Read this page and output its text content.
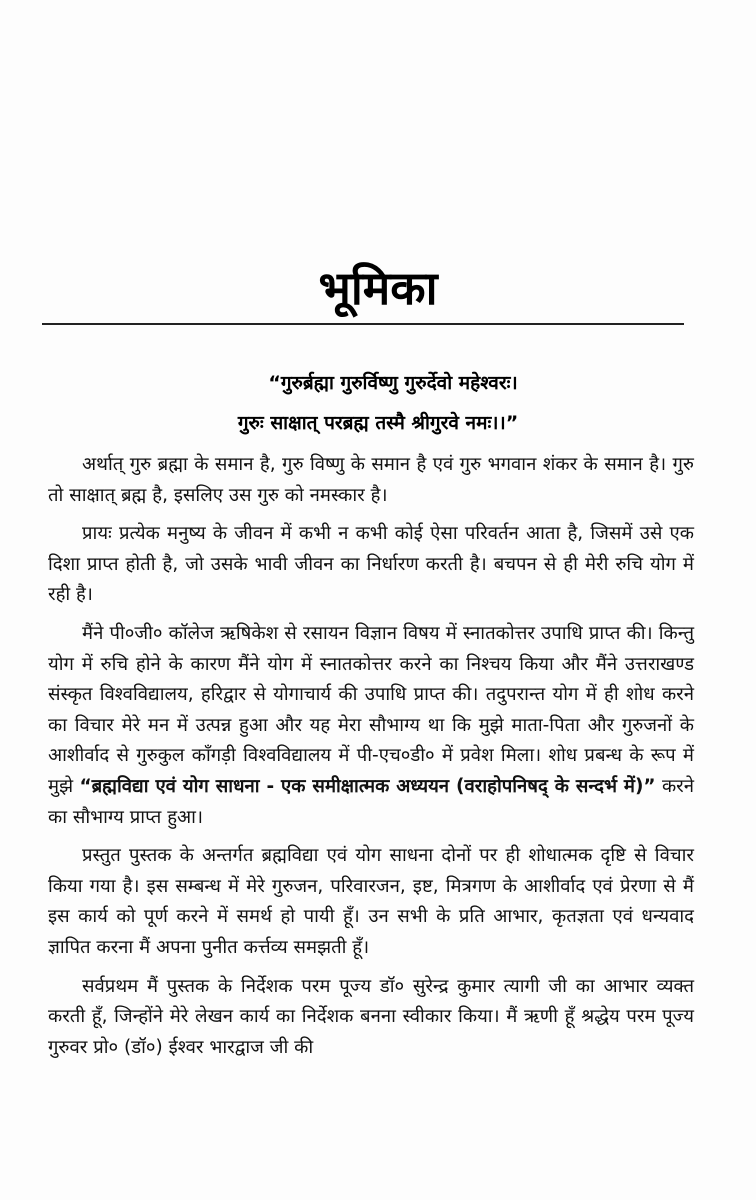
भूमिका
“गुरुर्ब्रह्मा गुरुर्विष्णु गुरुर्देवो महेश्वरः।
गुरुः साक्षात् परब्रह्म तस्मै श्रीगुरवे नमः।।”

अर्थात् गुरु ब्रह्मा के समान है, गुरु विष्णु के समान है एवं गुरु भगवान शंकर के समान है। गुरु तो साक्षात् ब्रह्म है, इसलिए उस गुरु को नमस्कार है।

प्रायः प्रत्येक मनुष्य के जीवन में कभी न कभी कोई ऐसा परिवर्तन आता है, जिसमें उसे एक दिशा प्राप्त होती है, जो उसके भावी जीवन का निर्धारण करती है। बचपन से ही मेरी रुचि योग में रही है।

मैंने पी०जी० कॉलेज ऋषिकेश से रसायन विज्ञान विषय में स्नातकोत्तर उपाधि प्राप्त की। किन्तु योग में रुचि होने के कारण मैंने योग में स्नातकोत्तर करने का निश्चय किया और मैंने उत्तराखण्ड संस्कृत विश्वविद्यालय, हरिद्वार से योगाचार्य की उपाधि प्राप्त की। तदुपरान्त योग में ही शोध करने का विचार मेरे मन में उत्पन्न हुआ और यह मेरा सौभाग्य था कि मुझे माता-पिता और गुरुजनों के आशीर्वाद से गुरुकुल काँगड़ी विश्वविद्यालय में पी-एच०डी० में प्रवेश मिला। शोध प्रबन्ध के रूप में मुझे “ब्रह्मविद्या एवं योग साधना - एक समीक्षात्मक अध्ययन (वराहोपनिषद् के सन्दर्भ में)” करने का सौभाग्य प्राप्त हुआ।

प्रस्तुत पुस्तक के अन्तर्गत ब्रह्मविद्या एवं योग साधना दोनों पर ही शोधात्मक दृष्टि से विचार किया गया है। इस सम्बन्ध में मेरे गुरुजन, परिवारजन, इष्ट, मित्रगण के आशीर्वाद एवं प्रेरणा से मैं इस कार्य को पूर्ण करने में समर्थ हो पायी हूँ। उन सभी के प्रति आभार, कृतज्ञता एवं धन्यवाद ज्ञापित करना मैं अपना पुनीत कर्त्तव्य समझती हूँ।

सर्वप्रथम मैं पुस्तक के निर्देशक परम पूज्य डॉ० सुरेन्द्र कुमार त्यागी जी का आभार व्यक्त करती हूँ, जिन्होंने मेरे लेखन कार्य का निर्देशक बनना स्वीकार किया। मैं ऋणी हूँ श्रद्धेय परम पूज्य गुरुवर प्रो० (डॉ०) ईश्वर भारद्वाज जी की
